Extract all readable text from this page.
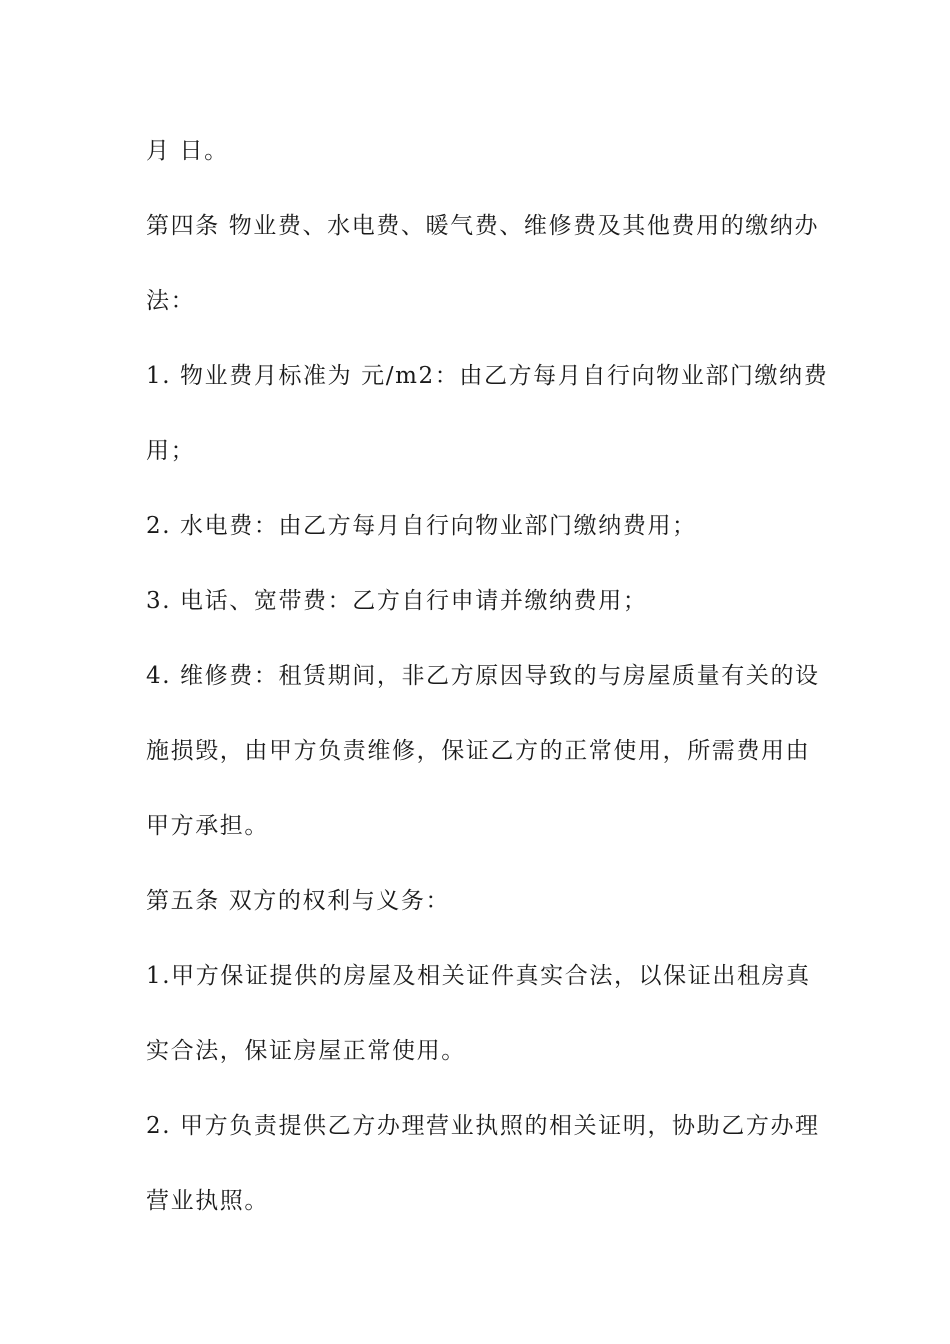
月 日。
第四条 物业费、水电费、暖气费、维修费及其他费用的缴纳办
法：
1. 物业费月标准为 元/m2：由乙方每月自行向物业部门缴纳费
用；
2. 水电费：由乙方每月自行向物业部门缴纳费用；
3. 电话、宽带费：乙方自行申请并缴纳费用；
4. 维修费：租赁期间，非乙方原因导致的与房屋质量有关的设
施损毁，由甲方负责维修，保证乙方的正常使用，所需费用由
甲方承担。
第五条 双方的权利与义务：
1.甲方保证提供的房屋及相关证件真实合法，以保证出租房真
实合法，保证房屋正常使用。
2. 甲方负责提供乙方办理营业执照的相关证明，协助乙方办理
营业执照。
